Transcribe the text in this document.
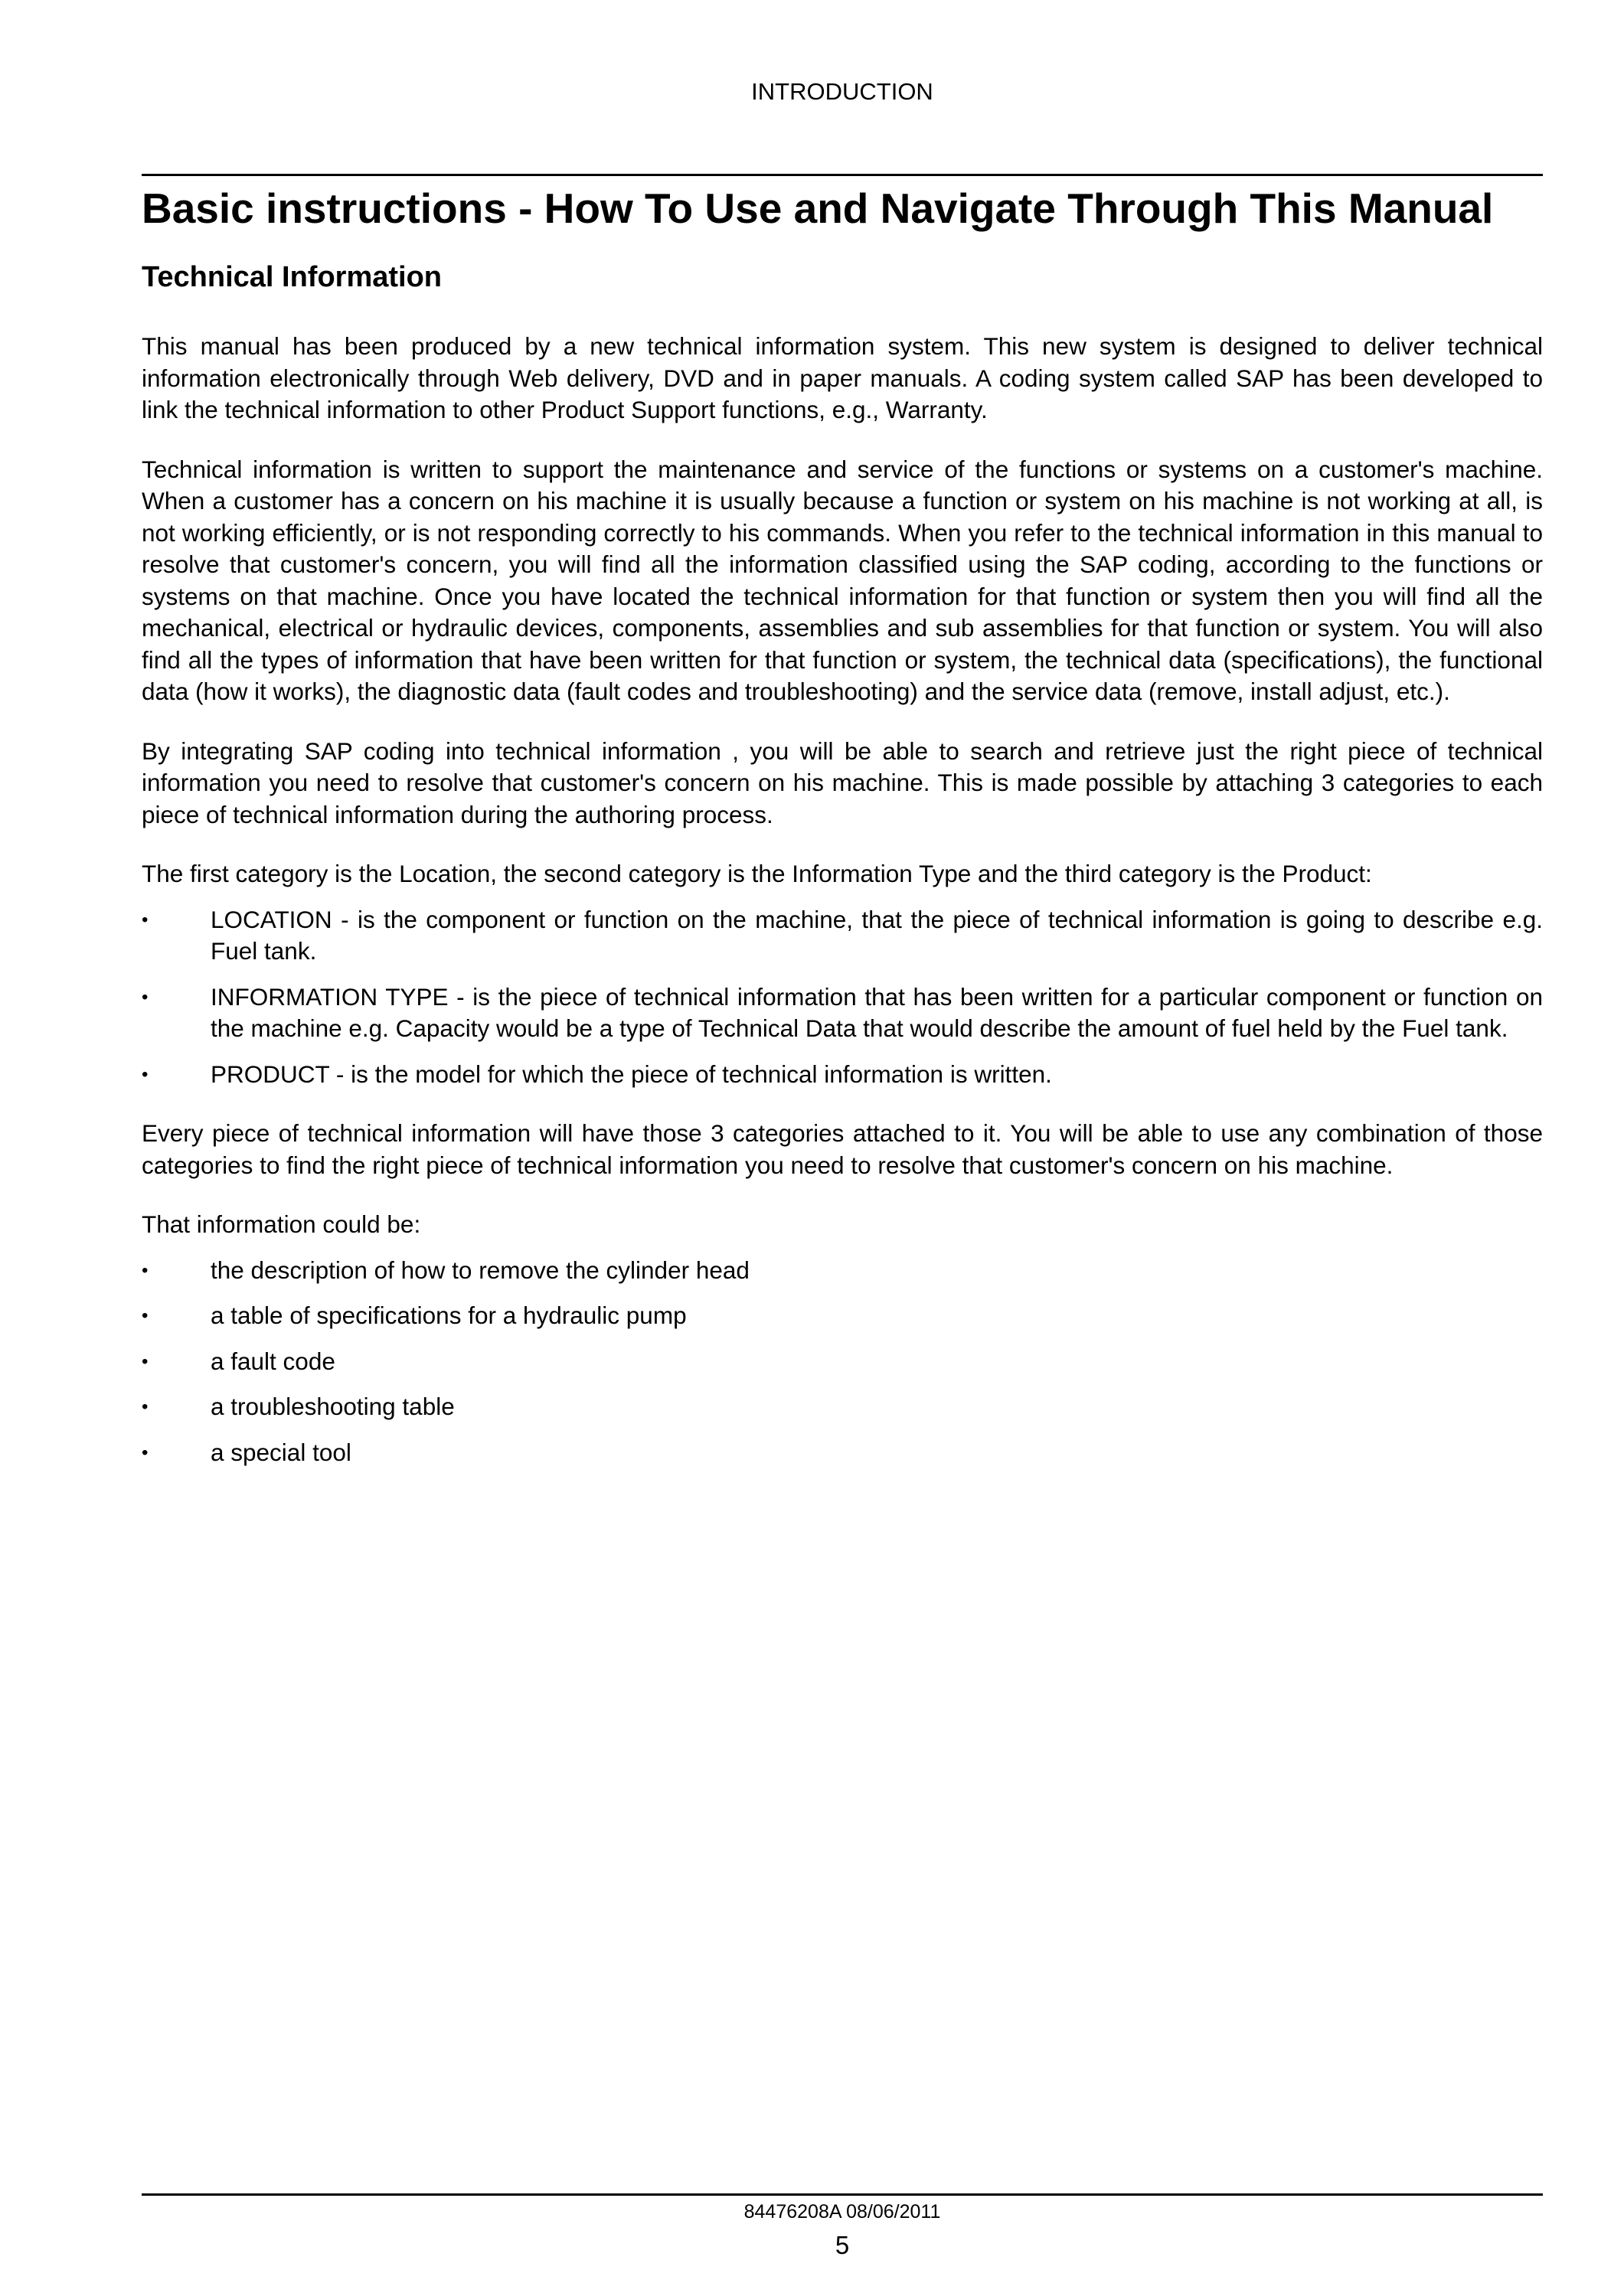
INTRODUCTION
Basic instructions - How To Use and Navigate Through This Manual
Technical Information

This manual has been produced by a new technical information system. This new system is designed to deliver technical information electronically through Web delivery, DVD and in paper manuals. A coding system called SAP has been developed to link the technical information to other Product Support functions, e.g., Warranty.

Technical information is written to support the maintenance and service of the functions or systems on a customer's machine. When a customer has a concern on his machine it is usually because a function or system on his machine is not working at all, is not working efficiently, or is not responding correctly to his commands. When you refer to the technical information in this manual to resolve that customer's concern, you will find all the information classified using the SAP coding, according to the functions or systems on that machine. Once you have located the technical information for that function or system then you will find all the mechanical, electrical or hydraulic devices, components, assemblies and sub assemblies for that function or system. You will also find all the types of information that have been written for that function or system, the technical data (specifications), the functional data (how it works), the diagnostic data (fault codes and troubleshooting) and the service data (remove, install adjust, etc.).

By integrating SAP coding into technical information , you will be able to search and retrieve just the right piece of technical information you need to resolve that customer's concern on his machine. This is made possible by attaching 3 categories to each piece of technical information during the authoring process.

The first category is the Location, the second category is the Information Type and the third category is the Product:

•	LOCATION - is the component or function on the machine, that the piece of technical information is going to describe e.g. Fuel tank.
•	INFORMATION TYPE - is the piece of technical information that has been written for a particular component or function on the machine e.g. Capacity would be a type of Technical Data that would describe the amount of fuel held by the Fuel tank.
•	PRODUCT - is the model for which the piece of technical information is written.

Every piece of technical information will have those 3 categories attached to it. You will be able to use any combination of those categories to find the right piece of technical information you need to resolve that customer's concern on his machine.

That information could be:

•	the description of how to remove the cylinder head
•	a table of specifications for a hydraulic pump
•	a fault code
•	a troubleshooting table
•	a special tool
84476208A 08/06/2011
5
